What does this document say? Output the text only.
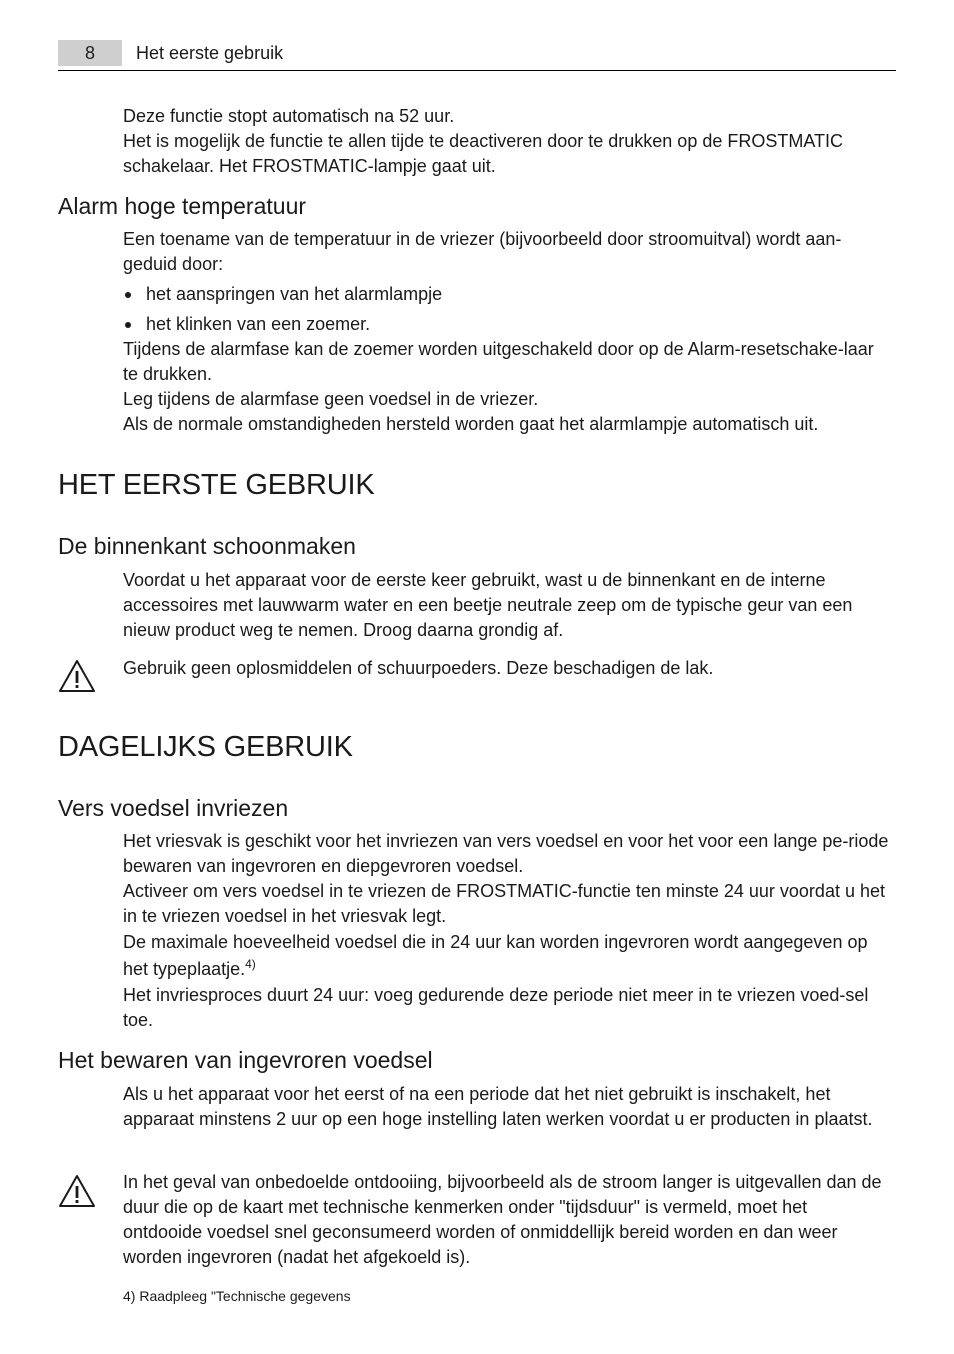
8	Het eerste gebruik

Deze functie stopt automatisch na 52 uur.

Het is mogelijk de functie te allen tijde te deactiveren door te drukken op de FROSTMATIC schakelaar. Het FROSTMATIC-lampje gaat uit.

Alarm hoge temperatuur

Een toename van de temperatuur in de vriezer (bijvoorbeeld door stroomuitval) wordt aan-geduid door:

het aanspringen van het alarmlampje
het klinken van een zoemer.

Tijdens de alarmfase kan de zoemer worden uitgeschakeld door op de Alarm-resetschake-laar te drukken.

Leg tijdens de alarmfase geen voedsel in de vriezer.

Als de normale omstandigheden hersteld worden gaat het alarmlampje automatisch uit.

HET EERSTE GEBRUIK
De binnenkant schoonmaken
Voordat u het apparaat voor de eerste keer gebruikt, wast u de binnenkant en de interne accessoires met lauwwarm water en een beetje neutrale zeep om de typische geur van een nieuw product weg te nemen. Droog daarna grondig af.
Gebruik geen oplosmiddelen of schuurpoeders. Deze beschadigen de lak.
DAGELIJKS GEBRUIK
Vers voedsel invriezen

Het vriesvak is geschikt voor het invriezen van vers voedsel en voor het voor een lange pe-riode bewaren van ingevroren en diepgevroren voedsel.

Activeer om vers voedsel in te vriezen de FROSTMATIC-functie ten minste 24 uur voordat u het in te vriezen voedsel in het vriesvak legt.

De maximale hoeveelheid voedsel die in 24 uur kan worden ingevroren wordt aangegeven op het typeplaatje.$^{4)}$

Het invriesproces duurt 24 uur: voeg gedurende deze periode niet meer in te vriezen voed-sel toe.

Het bewaren van ingevroren voedsel
Als u het apparaat voor het eerst of na een periode dat het niet gebruikt is inschakelt, het apparaat minstens 2 uur op een hoge instelling laten werken voordat u er producten in plaatst.
In het geval van onbedoelde ontdooiing, bijvoorbeeld als de stroom langer is uitgevallen dan de duur die op de kaart met technische kenmerken onder "tijdsduur" is vermeld, moet het ontdooide voedsel snel geconsumeerd worden of onmiddellijk bereid worden en dan weer worden ingevroren (nadat het afgekoeld is).
4) Raadpleeg "Technische gegevens
